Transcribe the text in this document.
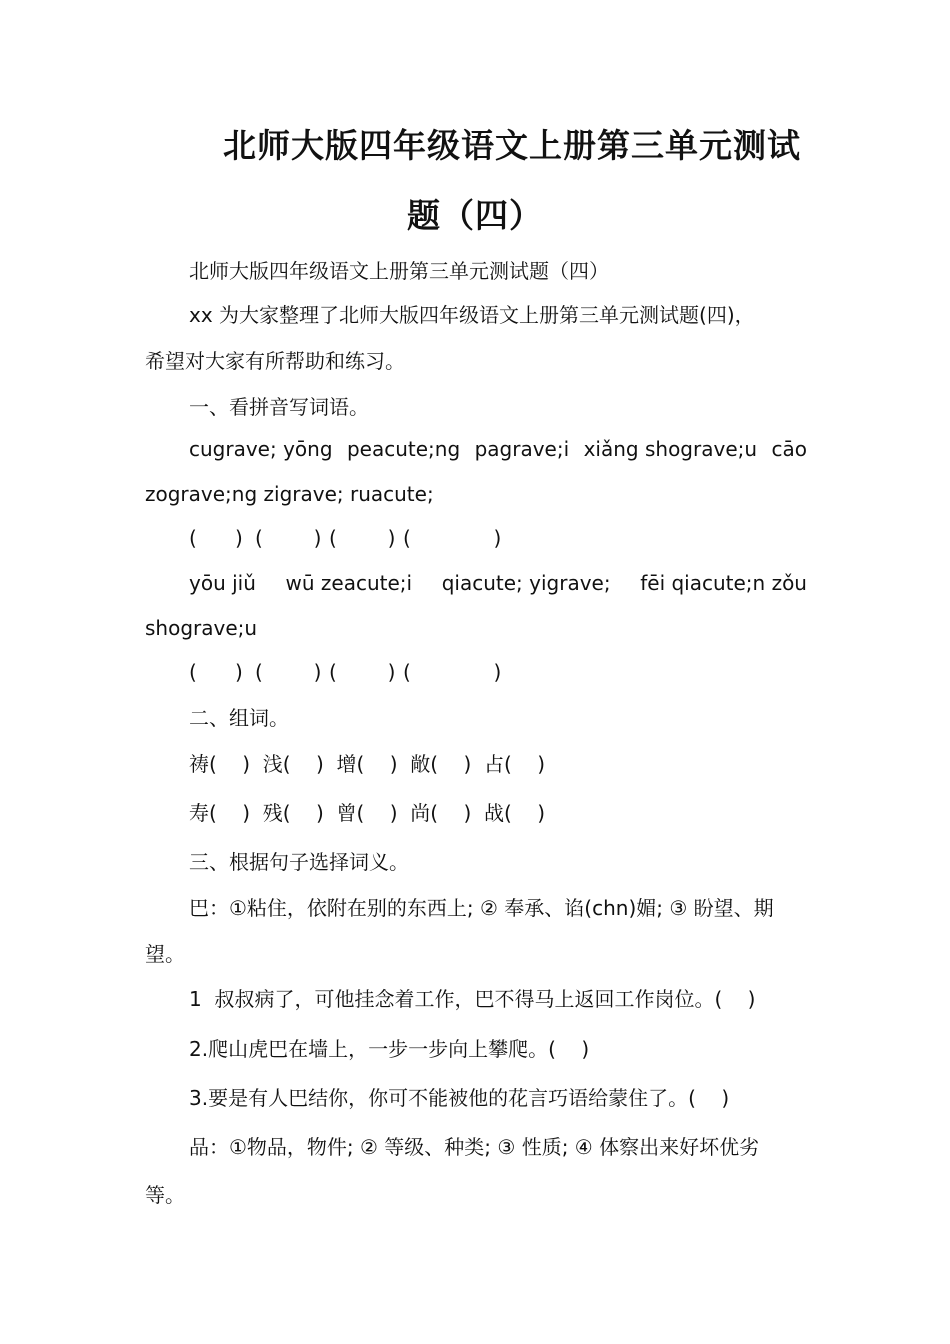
北师大版四年级语文上册第三单元测试
题（四）
北师大版四年级语文上册第三单元测试题（四）
xx 为大家整理了北师大版四年级语文上册第三单元测试题(四)，
希望对大家有所帮助和练习。
一、看拼音写词语。
cugrave; yōng peacute;ng pagrave;i xiǎng shograve;u cāo
zograve;ng zigrave; ruacute;
(      ) (        ) (        ) (             )
yōu jiǔ wū zeacute;i qiacute; yigrave; fēi qiacute;n zǒu
shograve;u
(      ) (        ) (        ) (             )
二、组词。
祷(    )  浅(    )  增(    )  敞(    )  占(    )
寿(    )  残(    )  曾(    )  尚(    )  战(    )
三、根据句子选择词义。
巴：①粘住，依附在别的东西上; ② 奉承、谄(chn)媚; ③ 盼望、期
望。
1  叔叔病了，可他挂念着工作，巴不得马上返回工作岗位。(    )
2.爬山虎巴在墙上，一步一步向上攀爬。(    )
3.要是有人巴结你，你可不能被他的花言巧语给蒙住了。(    )
品：①物品，物件; ② 等级、种类; ③ 性质; ④ 体察出来好坏优劣
等。
